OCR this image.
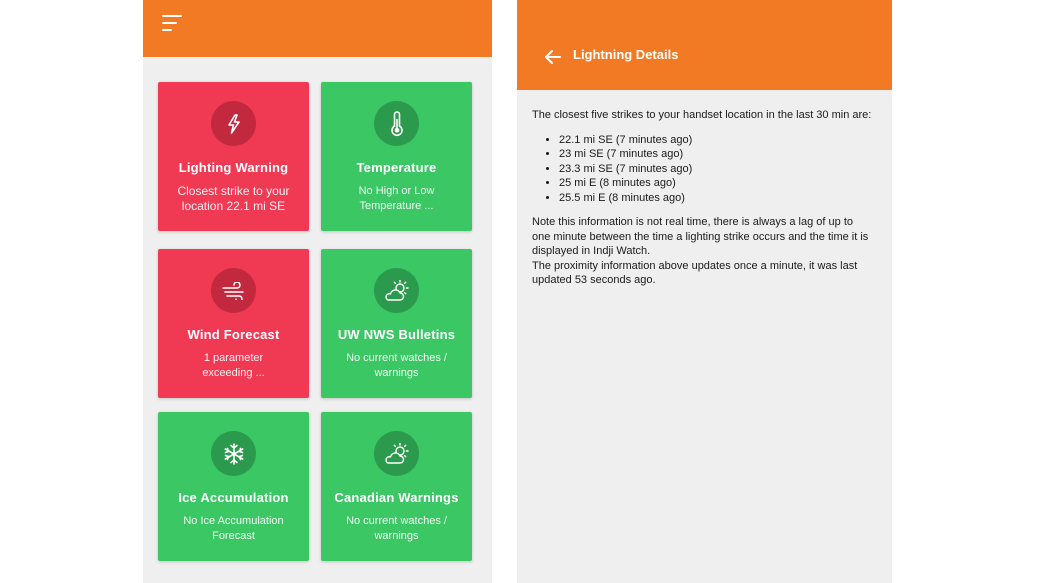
Lighting Warning
Closest strike to your
location 22.1 mi SE
Temperature
No High or Low
Temperature ...
Wind Forecast
1 parameter
exceeding ...
UW NWS Bulletins
No current watches /
warnings
Ice Accumulation
No Ice Accumulation
Forecast
Canadian Warnings
No current watches /
warnings
Lightning Details

The closest five strikes to your handset location in the last 30 min are:

• 22.1 mi SE (7 minutes ago)
• 23 mi SE (7 minutes ago)
• 23.3 mi SE (7 minutes ago)
• 25 mi E (8 minutes ago)
• 25.5 mi E (8 minutes ago)

Note this information is not real time, there is always a lag of up to
one minute between the time a lighting strike occurs and the time it is
displayed in Indji Watch.
The proximity information above updates once a minute, it was last
updated 53 seconds ago.
